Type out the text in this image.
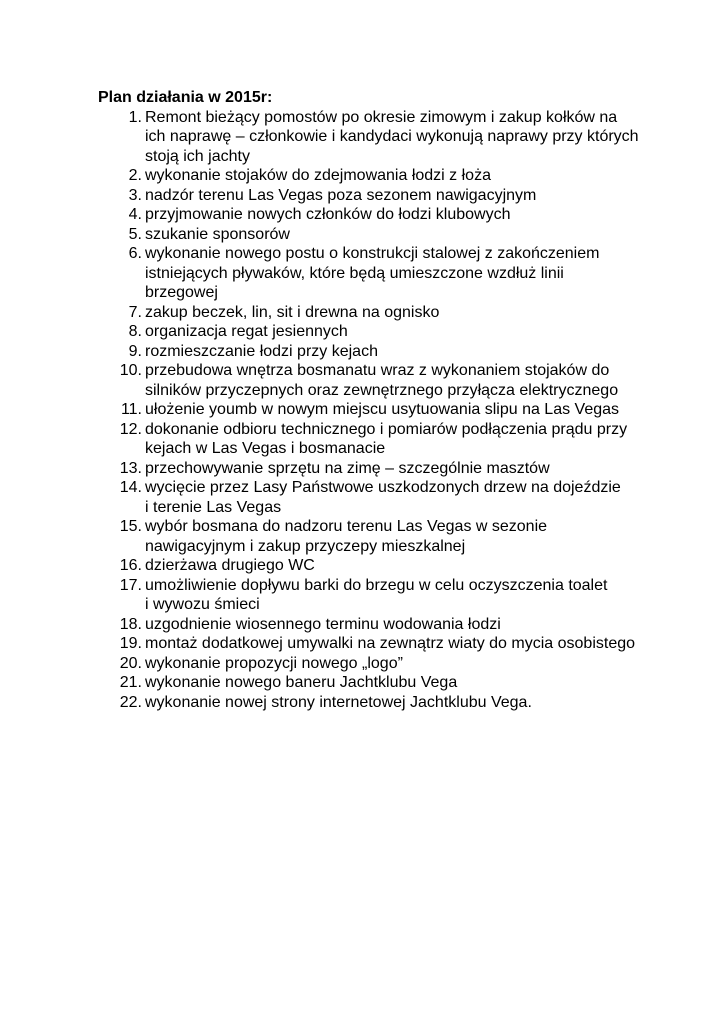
Plan działania w 2015r:
1. Remont bieżący pomostów po okresie zimowym i zakup kołków na
ich naprawę – członkowie i kandydaci wykonują naprawy przy których
stoją ich jachty
2. wykonanie stojaków do zdejmowania łodzi z łoża
3. nadzór terenu Las Vegas poza sezonem nawigacyjnym
4. przyjmowanie nowych członków do łodzi klubowych
5. szukanie sponsorów
6. wykonanie nowego postu o konstrukcji stalowej z zakończeniem
istniejących pływaków, które będą umieszczone wzdłuż linii
brzegowej
7. zakup beczek, lin, sit i drewna na ognisko
8. organizacja regat jesiennych
9. rozmieszczanie łodzi przy kejach
10. przebudowa wnętrza bosmanatu wraz z wykonaniem stojaków do
silników przyczepnych oraz zewnętrznego przyłącza elektrycznego
11. ułożenie youmb w nowym miejscu usytuowania slipu na Las Vegas
12. dokonanie odbioru technicznego i pomiarów podłączenia prądu przy
kejach w Las Vegas i bosmanacie
13. przechowywanie sprzętu na zimę – szczególnie masztów
14. wycięcie przez Lasy Państwowe uszkodzonych drzew na dojeździe
i terenie Las Vegas
15. wybór bosmana do nadzoru terenu Las Vegas w sezonie
nawigacyjnym i zakup przyczepy mieszkalnej
16. dzierżawa drugiego WC
17. umożliwienie dopływu barki do brzegu w celu oczyszczenia toalet
i wywozu śmieci
18. uzgodnienie wiosennego terminu wodowania łodzi
19. montaż dodatkowej umywalki na zewnątrz wiaty do mycia osobistego
20. wykonanie propozycji nowego „logo”
21. wykonanie nowego baneru Jachtklubu Vega
22. wykonanie nowej strony internetowej Jachtklubu Vega.
